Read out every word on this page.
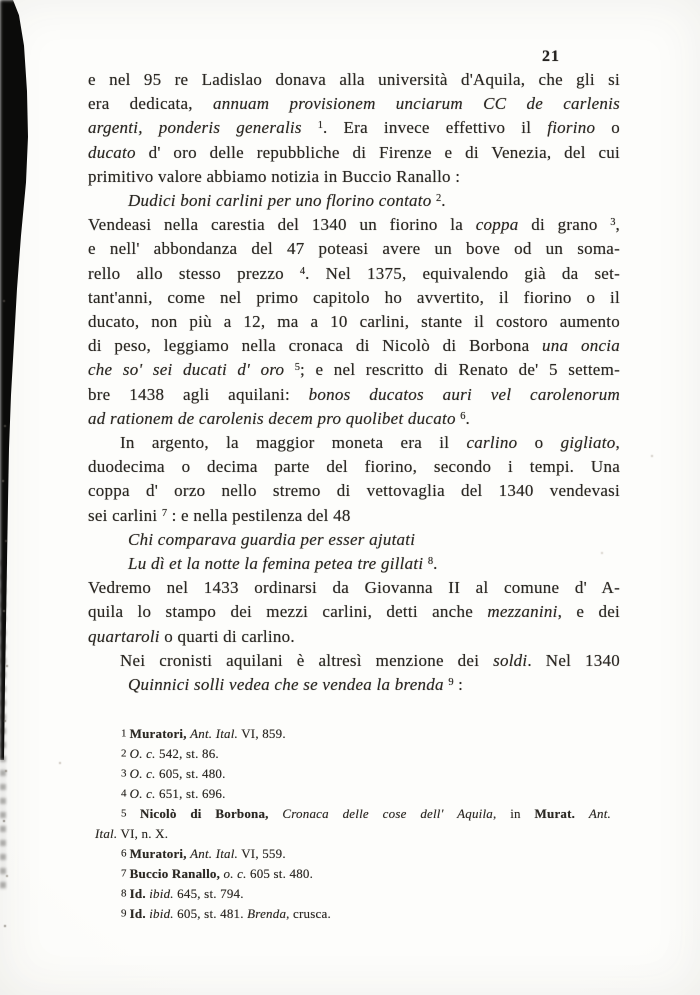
21
e nel 95 re Ladislao donava alla università d'Aquila, che gli si
era dedicata, annuam provisionem unciarum CC de carlenis
argenti, ponderis generalis $^1$. Era invece effettivo il fiorino o
ducato d' oro delle repubbliche di Firenze e di Venezia, del cui
primitivo valore abbiamo notizia in Buccio Ranallo :
Dudici boni carlini per uno florino contato $^2$.
Vendeasi nella carestia del 1340 un fiorino la coppa di grano $^3$,
e nell' abbondanza del 47 poteasi avere un bove od un soma-
rello allo stesso prezzo $^4$. Nel 1375, equivalendo già da set-
tant'anni, come nel primo capitolo ho avvertito, il fiorino o il
ducato, non più a 12, ma a 10 carlini, stante il costoro aumento
di peso, leggiamo nella cronaca di Nicolò di Borbona una oncia
che so' sei ducati d' oro $^5$; e nel rescritto di Renato de' 5 settem-
bre 1438 agli aquilani: bonos ducatos auri vel carolenorum
ad rationem de carolenis decem pro quolibet ducato $^6$.
In argento, la maggior moneta era il carlino o gigliato,
duodecima o decima parte del fiorino, secondo i tempi. Una
coppa d' orzo nello stremo di vettovaglia del 1340 vendevasi
sei carlini $^7$ : e nella pestilenza del 48
Chi comparava guardia per esser ajutati
Lu dì et la notte la femina petea tre gillati $^8$.
Vedremo nel 1433 ordinarsi da Giovanna II al comune d' A-
quila lo stampo dei mezzi carlini, detti anche mezzanini, e dei
quartaroli o quarti di carlino.
Nei cronisti aquilani è altresì menzione dei soldi. Nel 1340
Quinnici solli vedea che se vendea la brenda $^9$ :
1 Muratori, Ant. Ital. VI, 859.
2 O. c. 542, st. 86.
3 O. c. 605, st. 480.
4 O. c. 651, st. 696.
5 Nicolò di Borbona, Cronaca delle cose dell' Aquila, in Murat. Ant.
Ital. VI, n. X.
6 Muratori, Ant. Ital. VI, 559.
7 Buccio Ranallo, o. c. 605 st. 480.
8 Id. ibid. 645, st. 794.
9 Id. ibid. 605, st. 481. Brenda, crusca.
